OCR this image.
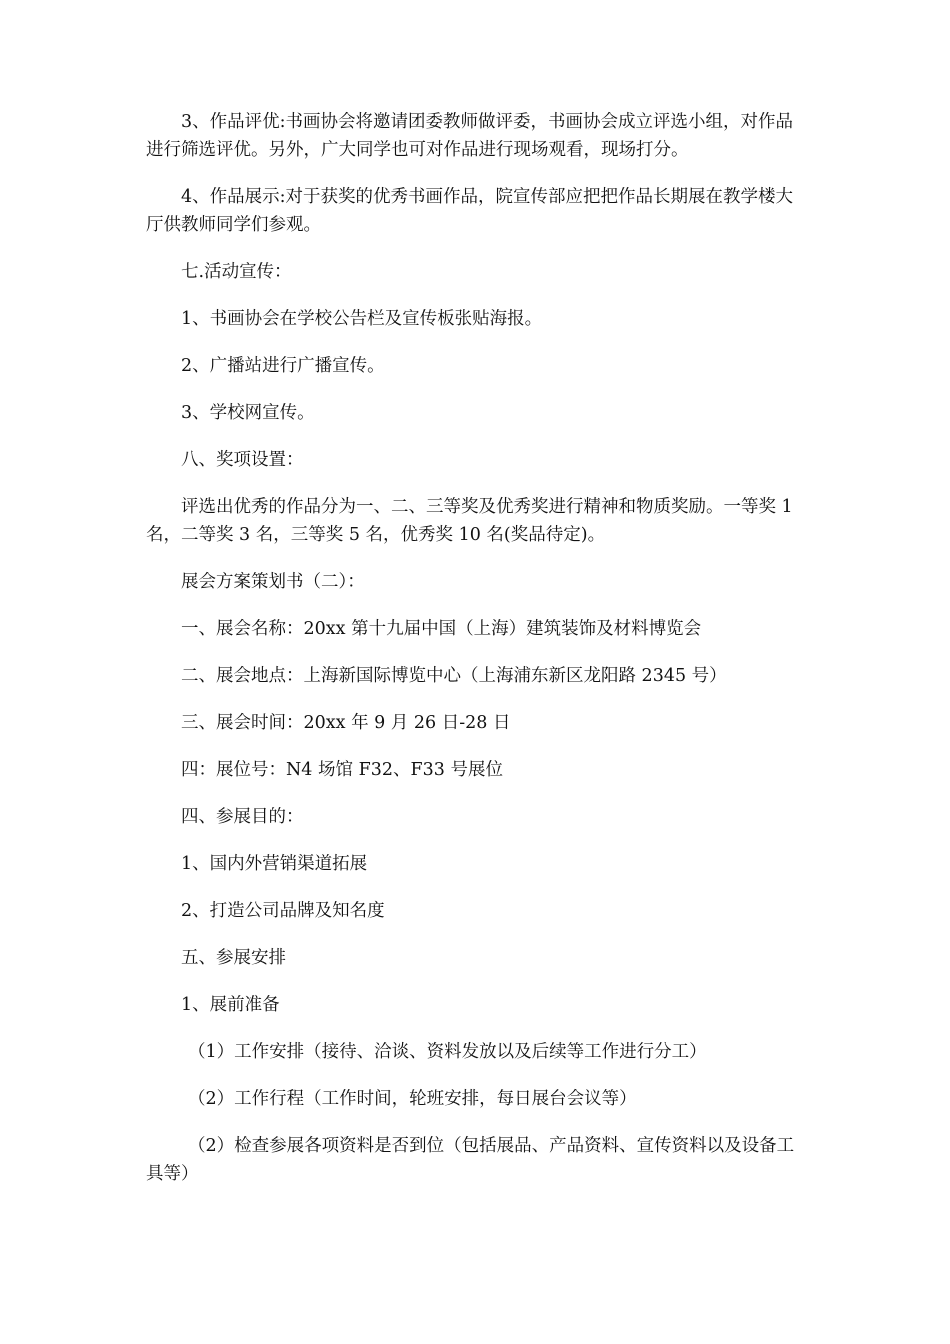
3、作品评优:书画协会将邀请团委教师做评委，书画协会成立评选小组，对作品进行筛选评优。另外，广大同学也可对作品进行现场观看，现场打分。

4、作品展示:对于获奖的优秀书画作品，院宣传部应把把作品长期展在教学楼大厅供教师同学们参观。

七.活动宣传：

1、书画协会在学校公告栏及宣传板张贴海报。

2、广播站进行广播宣传。

3、学校网宣传。

八、奖项设置：

评选出优秀的作品分为一、二、三等奖及优秀奖进行精神和物质奖励。一等奖 1 名，二等奖 3 名，三等奖 5 名，优秀奖 10 名(奖品待定)。

展会方案策划书（二）：

一、展会名称：20xx 第十九届中国（上海）建筑装饰及材料博览会

二、展会地点：上海新国际博览中心（上海浦东新区龙阳路 2345 号）

三、展会时间：20xx 年 9 月 26 日-28 日

四：展位号：N4 场馆 F32、F33 号展位

四、参展目的：

1、国内外营销渠道拓展

2、打造公司品牌及知名度

五、参展安排

1、展前准备

（1）工作安排（接待、洽谈、资料发放以及后续等工作进行分工）

（2）工作行程（工作时间，轮班安排，每日展台会议等）

（2）检查参展各项资料是否到位（包括展品、产品资料、宣传资料以及设备工具等）
